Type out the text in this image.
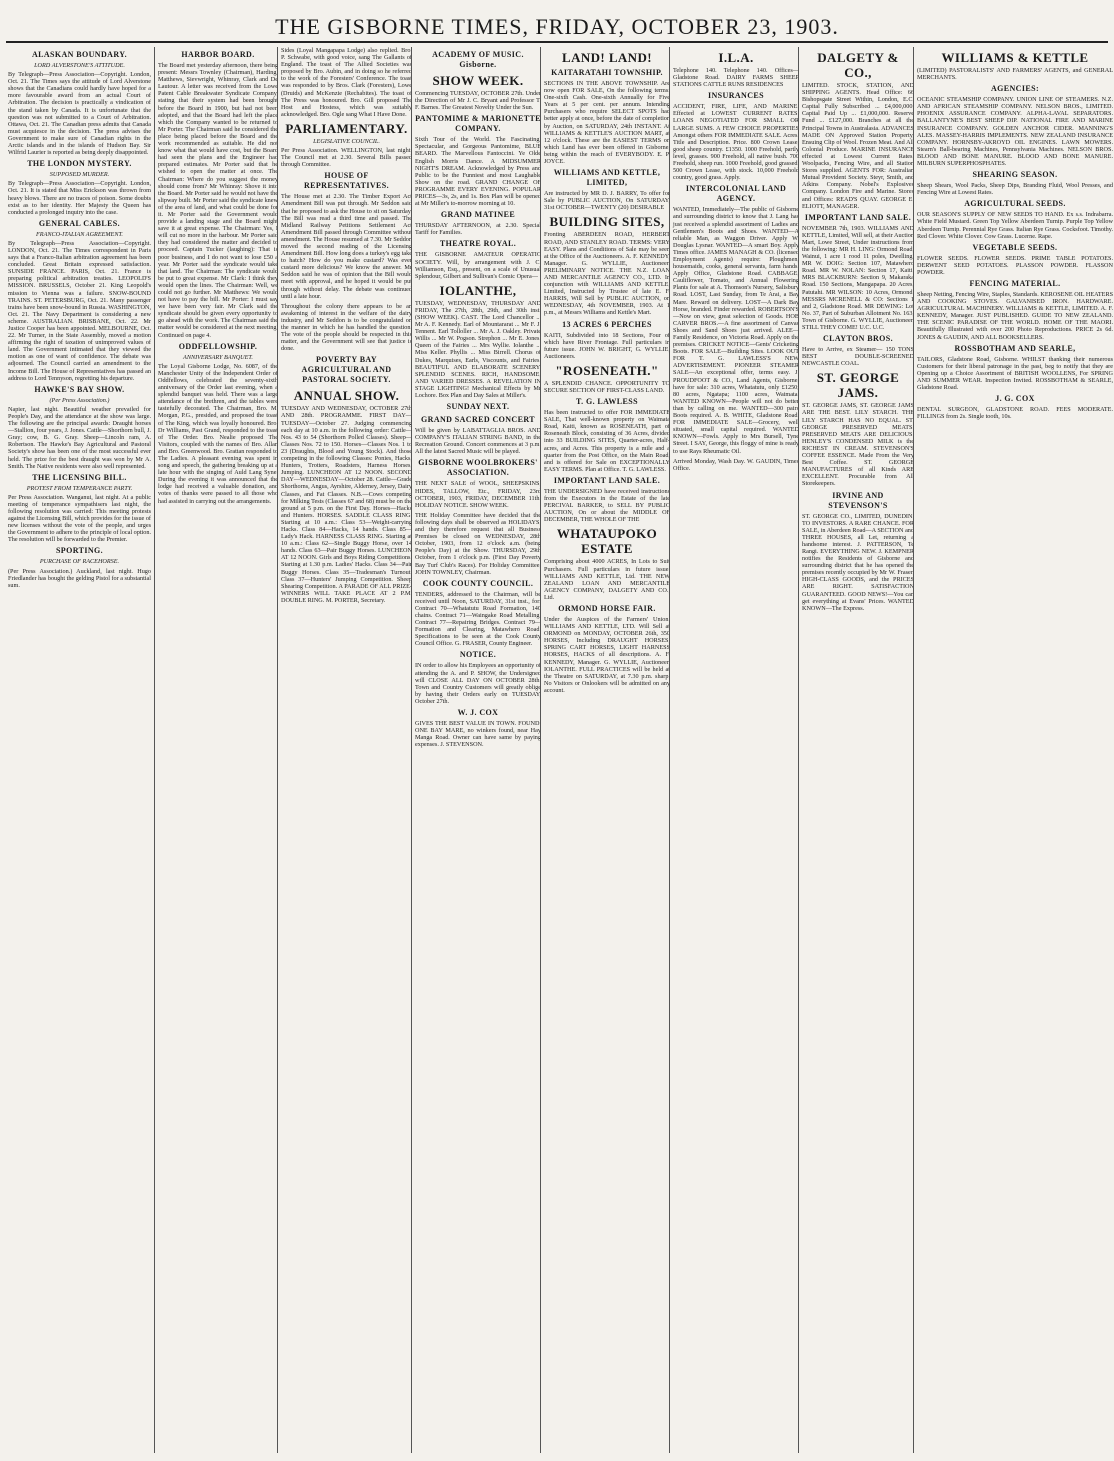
THE GISBORNE TIMES, FRIDAY, OCTOBER 23, 1903.
ALASKAN BOUNDARY.
LORD ALVERSTONE'S ATTITUDE.
By Telegraph—Press Association—Copyright. London, Oct. 21. The Times says the attitude of Lord Alverstone shows that the Canadians could hardly have hoped for a more favourable award from an actual Court of Arbitration. The decision is practically a vindication of the stand taken by Canada. It is unfortunate that the question was not submitted to a Court of Arbitration. Ottawa, Oct. 21. The Canadian press admits that Canada must acquiesce in the decision. The press advises the Government to make sure of Canadian rights in the Arctic islands and in the islands of Hudson Bay. Sir Wilfrid Laurier is reported as being deeply disappointed.
THE LONDON MYSTERY.
SUPPOSED MURDER.
By Telegraph—Press Association—Copyright. London, Oct. 21. It is stated that Miss Erickson was thrown from heavy blows. There are no traces of poison. Some doubts exist as to her identity. Her Majesty the Queen has conducted a prolonged inquiry into the case.
GENERAL CABLES.
FRANCO-ITALIAN AGREEMENT.
By Telegraph—Press Association—Copyright. LONDON, Oct. 21. The Times correspondent in Paris says that a Franco-Italian arbitration agreement has been concluded. Great Britain expressed satisfaction. SUNSIDE FRANCE. PARIS, Oct. 21. France is preparing political arbitration treaties. LEOPOLD'S MISSION. BRUSSELS, October 21. King Leopold's mission to Vienna was a failure. SNOW-BOUND TRAINS. ST. PETERSBURG, Oct. 21. Many passenger trains have been snow-bound in Russia. WASHINGTON, Oct. 21. The Navy Department is considering a new scheme. AUSTRALIAN. BRISBANE, Oct. 22. Mr Justice Cooper has been appointed. MELBOURNE, Oct. 22. Mr Turner, in the State Assembly, moved a motion affirming the right of taxation of unimproved values of land. The Government intimated that they viewed the motion as one of want of confidence. The debate was adjourned. The Council carried an amendment to the Income Bill. The House of Representatives has passed an address to Lord Tennyson, regretting his departure.
HAWKE'S BAY SHOW.
(Per Press Association.)
Napier, last night. Beautiful weather prevailed for People's Day, and the attendance at the show was large. The following are the principal awards: Draught horses—Stallion, four years, J. Jones. Cattle—Shorthorn bull, J. Gray; cow, B. G. Gray. Sheep—Lincoln ram, A. Robertson. The Hawke's Bay Agricultural and Pastoral Society's show has been one of the most successful ever held. The prize for the best draught was won by Mr A. Smith. The Native residents were also well represented.
THE LICENSING BILL.
PROTEST FROM TEMPERANCE PARTY.
Per Press Association. Wanganui, last night. At a public meeting of temperance sympathisers last night, the following resolution was carried: This meeting protests against the Licensing Bill, which provides for the issue of new licenses without the vote of the people, and urges the Government to adhere to the principle of local option. The resolution will be forwarded to the Premier.
SPORTING.
PURCHASE OF RACEHORSE.
(Per Press Association.) Auckland, last night. Hugo Friedlander has bought the gelding Pistol for a substantial sum.
HARBOR BOARD.
The Board met yesterday afternoon, there being present: Messrs Townley (Chairman), Harding, Matthews, Sievwright, Whinray, Clark and De Lautour. A letter was received from the Lowe Patent Cable Breakwater Syndicate Company, stating that their system had been brought before the Board in 1900, but had not been adopted, and that the Board had left the place which the Company wanted to be returned to Mr Porter. The Chairman said he considered the place being placed before the Board and the work recommended as suitable. He did not know what that would have cost, but the Board had seen the plans and the Engineer had prepared estimates. Mr Porter said that he wished to open the matter at once. The Chairman: Where do you suggest the money should come from? Mr Whinray: Shove it into the Board. Mr Porter said he would not have the slipway built. Mr Porter said the syndicate knew of the area of land, and what could be done for it. Mr Porter said the Government would provide a landing stage and the Board might save it at great expense. The Chairman: Yes, I will cut no more in the harbour. Mr Porter said they had considered the matter and decided to proceed. Captain Tucker (laughing): That is poor business, and I do not want to lose £50 a year. Mr Porter said the syndicate would take that land. The Chairman: The syndicate would be put to great expense. Mr Clark: I think they would open the lines. The Chairman: Well, we could not go further. Mr Matthews: We would not have to pay the bill. Mr Porter: I must say we have been very fair. Mr Clark said the syndicate should be given every opportunity to go ahead with the work. The Chairman said the matter would be considered at the next meeting. Continued on page 4.
ODDFELLOWSHIP.
ANNIVERSARY BANQUET.
The Loyal Gisborne Lodge, No. 6087, of the Manchester Unity of the Independent Order of Oddfellows, celebrated the seventy-sixth anniversary of the Order last evening, when a splendid banquet was held. There was a large attendance of the brethren, and the tables were tastefully decorated. The Chairman, Bro. M. Morgan, P.G., presided, and proposed the toast of The King, which was loyally honoured. Bro. Dr Williams, Past Grand, responded to the toast of The Order. Bro. Nealie proposed The Visitors, coupled with the names of Bro. Allan and Bro. Greenwood. Bro. Grattan responded to The Ladies. A pleasant evening was spent in song and speech, the gathering breaking up at a late hour with the singing of Auld Lang Syne. During the evening it was announced that the lodge had received a valuable donation, and votes of thanks were passed to all those who had assisted in carrying out the arrangements.
Sides (Loyal Mangapapa Lodge) also replied. Bro. P. Schwabe, with good voice, sang The Gallants of England. The toast of The Allied Societies was proposed by Bro. Aubin, and in doing so he referred to the work of the Foresters' Conference. The toast was responded to by Bros. Clark (Foresters), Lowe (Druids) and McKenzie (Rechabites). The toast of The Press was honoured. Bro. Gill proposed The Host and Hostess, which was suitably acknowledged. Bro. Ogle sang What I Have Done.
PARLIAMENTARY.
LEGISLATIVE COUNCIL.
Per Press Association. WELLINGTON, last night. The Council met at 2.30. Several Bills passed through Committee.
HOUSE OF REPRESENTATIVES.
The House met at 2.30. The Timber Export Act Amendment Bill was put through. Mr Seddon said that he proposed to ask the House to sit on Saturday. The Bill was read a third time and passed. The Midland Railway Petitions Settlement Act Amendment Bill passed through Committee without amendment. The House resumed at 7.30. Mr Seddon moved the second reading of the Licensing Amendment Bill. How long does a turkey's egg take to hatch? How do you make custard? Was ever custard more delicious? We know the answer. Mr Seddon said he was of opinion that the Bill would meet with approval, and he hoped it would be put through without delay. The debate was continued until a late hour.
Throughout the colony there appears to be an awakening of interest in the welfare of the dairy industry, and Mr Seddon is to be congratulated on the manner in which he has handled the question. The vote of the people should be respected in this matter, and the Government will see that justice is done.
POVERTY BAY AGRICULTURAL AND PASTORAL SOCIETY.
ANNUAL SHOW.
TUESDAY AND WEDNESDAY, OCTOBER 27th AND 28th. PROGRAMME. FIRST DAY—TUESDAY—October 27. Judging commencing each day at 10 a.m. in the following order: Cattle—Nos. 43 to 54 (Shorthorn Polled Classes). Sheep—Classes Nos. 72 to 150. Horses—Classes Nos. 1 to 23 (Draughts, Blood and Young Stock). And those competing in the following Classes: Ponies, Hacks, Hunters, Trotters, Roadsters, Harness Horses, Jumping. LUNCHEON AT 12 NOON. SECOND DAY—WEDNESDAY—October 28. Cattle—Grade Shorthorns, Angus, Ayrshire, Alderney, Jersey, Dairy Classes, and Fat Classes. N.B.—Cows competing for Milking Tests (Classes 67 and 68) must be on the ground at 5 p.m. on the First Day. Horses—Hacks and Hunters. HORSES. SADDLE CLASS RING. Starting at 10 a.m.: Class 53—Weight-carrying Hacks. Class 84—Hacks, 14 hands. Class 85—Lady's Hack. HARNESS CLASS RING. Starting at 10 a.m.: Class 62—Single Buggy Horse, over 14 hands. Class 63—Pair Buggy Horses. LUNCHEON AT 12 NOON. Girls and Boys Riding Competitions. Starting at 1.30 p.m. Ladies' Hacks. Class 34—Pair Buggy Horses. Class 35—Tradesman's Turnout. Class 37—Hunters' Jumping Competition. Sheep Shearing Competition. A PARADE OF ALL PRIZE-WINNERS WILL TAKE PLACE AT 2 P.M. DOUBLE RING. M. PORTER, Secretary.
ACADEMY OF MUSIC. Gisborne.
SHOW WEEK.
Commencing TUESDAY, OCTOBER 27th. Under the Direction of Mr J. C. Bryant and Professor T. F. Barnes. The Greatest Novelty Under the Sun.
PANTOMIME & MARIONETTE COMPANY.
Sixth Tour of the World. The Fascinating, Spectacular, and Gorgeous Pantomime, BLUE BEARD. The Marvellous Fantoccini. Ye Olde English Morris Dance. A MIDSUMMER NIGHT'S DREAM. Acknowledged by Press and Public to be the Funniest and most Laughable Show on the road. GRAND CHANGE OF PROGRAMME EVERY EVENING. POPULAR PRICES—3s, 2s, and 1s. Box Plan will be opened at Mr Miller's to-morrow morning at 10.
GRAND MATINEE
THURSDAY AFTERNOON, at 2.30. Special Tariff for Families.
THEATRE ROYAL.
THE GISBORNE AMATEUR OPERATIC SOCIETY. Will, by arrangement with J. C. Williamson, Esq., present, on a scale of Unusual Splendour, Gilbert and Sullivan's Comic Opera—
IOLANTHE,
TUESDAY, WEDNESDAY, THURSDAY AND FRIDAY, The 27th, 28th, 29th, and 30th inst. (SHOW WEEK). CAST. The Lord Chancellor ... Mr A. F. Kennedy. Earl of Mountararat ... Mr F. J. Tennent. Earl Tolloller ... Mr A. J. Oakley. Private Willis ... Mr W. Pogson. Strephon ... Mr E. Jones. Queen of the Fairies ... Mrs Wyllie. Iolanthe ... Miss Keller. Phyllis ... Miss Birrell. Chorus of Dukes, Marquises, Earls, Viscounts, and Fairies. BEAUTIFUL AND ELABORATE SCENERY. SPLENDID SCENES. RICH, HANDSOME, AND VARIED DRESSES. A REVELATION IN STAGE LIGHTING! Mechanical Effects by Mr Lochore. Box Plan and Day Sales at Miller's.
SUNDAY NEXT.
GRAND SACRED CONCERT
Will be given by LABATTAGLIA BROS. AND COMPANY'S ITALIAN STRING BAND, in the Recreation Ground. Concert commences at 3 p.m. All the latest Sacred Music will be played.
GISBORNE WOOLBROKERS' ASSOCIATION.
THE NEXT SALE of WOOL, SHEEPSKINS, HIDES, TALLOW, Etc., FRIDAY, 23rd OCTOBER, 1903, FRIDAY, DECEMBER 11th. HOLIDAY NOTICE. SHOW WEEK.
THE Holiday Committee have decided that the following days shall be observed as HOLIDAYS, and they therefore request that all Business Premises be closed on WEDNESDAY, 28th October, 1903, from 12 o'clock a.m. (being People's Day) at the Show. THURSDAY, 29th October, from 1 o'clock p.m. (First Day Poverty Bay Turf Club's Races). For Holiday Committee, JOHN TOWNLEY, Chairman.
COOK COUNTY COUNCIL.
TENDERS, addressed to the Chairman, will be received until Noon, SATURDAY, 31st inst., for: Contract 70—Whatatutu Road Formation, 140 chains. Contract 71—Waingake Road Metalling. Contract 77—Repairing Bridges. Contract 79—Formation and Clearing, Matawhero Road. Specifications to be seen at the Cook County Council Office. G. FRASER, County Engineer.
NOTICE.
IN order to allow his Employees an opportunity of attending the A. and P. SHOW, the Undersigned will CLOSE ALL DAY ON OCTOBER 28th. Town and Country Customers will greatly oblige by having their Orders early on TUESDAY, October 27th.
W. J. COX
GIVES THE BEST VALUE IN TOWN. FOUND. ONE BAY MARE, no winkers found, near Hay Manga Road. Owner can have same by paying expenses. J. STEVENSON.
LAND! LAND!
KAITARATAHI TOWNSHIP.
SECTIONS IN THE ABOVE TOWNSHIP. Are now open FOR SALE, On the following terms: One-sixth Cash. One-sixth Annually for Five Years at 5 per cent. per annum. Intending Purchasers who require SELECT SPOTS had better apply at once, before the date of completion by Auction, on SATURDAY, 24th INSTANT. At WILLIAMS & KETTLE'S AUCTION MART, at 12 o'clock. These are the EASIEST TERMS on which Land has ever been offered in Gisborne, being within the reach of EVERYBODY. E. P. JOYCE.
WILLIAMS AND KETTLE, LIMITED,
Are instructed by MR D. J. BARRY, To offer for Sale by PUBLIC AUCTION, On SATURDAY, 31st OCTOBER—TWENTY (20) DESIRABLE
BUILDING SITES,
Fronting ABERDEEN ROAD, HERBERT ROAD, AND STANLEY ROAD. TERMS: VERY EASY. Plans and Conditions of Sale may be seen at the Office of the Auctioneers. A. F. KENNEDY, Manager. G. WYLLIE, Auctioneer. PRELIMINARY NOTICE. THE N.Z. LOAN AND MERCANTILE AGENCY CO., LTD. In conjunction with WILLIAMS AND KETTLE, Limited, Instructed by Trustee of late E. F. HARRIS, Will Sell by PUBLIC AUCTION, on WEDNESDAY, 4th NOVEMBER, 1903. At 1 p.m., at Messrs Williams and Kettle's Mart.
13 ACRES 6 PERCHES
KAITI, Subdivided into 18 Sections, Four of which have River Frontage. Full particulars in future issue. JOHN W. BRIGHT, G. WYLLIE, Auctioneers.
"ROSENEATH."
A SPLENDID CHANCE. OPPORTUNITY TO SECURE SECTION OF FIRST-CLASS LAND.
T. G. LAWLESS
Has been instructed to offer FOR IMMEDIATE SALE, That well-known property on Waimata Road, Kaiti, known as ROSENEATH, part of Roseneath Block, consisting of 36 Acres, divided into 33 BUILDING SITES, Quarter-acres, Half-acres, and Acres. This property is a mile and a quarter from the Post Office, on the Main Road, and is offered for Sale on EXCEPTIONALLY EASY TERMS. Plan at Office. T. G. LAWLESS.
IMPORTANT LAND SALE.
THE UNDERSIGNED have received instructions from the Executors in the Estate of the late PERCIVAL BARKER, to SELL BY PUBLIC AUCTION, On or about the MIDDLE OF DECEMBER, THE WHOLE OF THE
WHATAUPOKO ESTATE
Comprising about 4000 ACRES, In Lots to Suit Purchasers. Full particulars in future issue. WILLIAMS AND KETTLE, Ltd. THE NEW ZEALAND LOAN AND MERCANTILE AGENCY COMPANY, DALGETY AND CO., Ltd.
ORMOND HORSE FAIR.
Under the Auspices of the Farmers' Union. WILLIAMS AND KETTLE, LTD. Will Sell at ORMOND on MONDAY, OCTOBER 26th, 350 HORSES, Including DRAUGHT HORSES, SPRING CART HORSES, LIGHT HARNESS HORSES, HACKS of all descriptions. A. F. KENNEDY, Manager. G. WYLLIE, Auctioneer. IOLANTHE. FULL PRACTICES will be held at the Theatre on SATURDAY, at 7.30 p.m. sharp. No Visitors or Onlookers will be admitted on any account.
I.L.A.
Telephone 140. Telephone 140. Offices—Gladstone Road. DAIRY FARMS SHEEP STATIONS CATTLE RUNS RESIDENCES
INSURANCES
ACCIDENT, FIRE, LIFE, AND MARINE. Effected at LOWEST CURRENT RATES. LOANS NEGOTIATED FOR SMALL OR LARGE SUMS. A FEW CHOICE PROPERTIES Amongst others FOR IMMEDIATE SALE. Acres. Title and Description. Price. 800 Crown Lease, good sheep country. £1350. 1000 Freehold, partly level, grasses. 900 Freehold, all native bush. 700 Freehold, sheep run. 1000 Freehold, good grassed. 500 Crown Lease, with stock. 10,000 Freehold country, good grass. Apply.
INTERCOLONIAL LAND AGENCY.
WANTED, Immediately—The public of Gisborne and surrounding district to know that J. Lang has just received a splendid assortment of Ladies and Gentlemen's Boots and Shoes. WANTED—A reliable Man, as Waggon Driver. Apply W. Douglas Lysnar. WANTED—A smart Boy. Apply Times office. JAMES MANAGH & CO. (licensed Employment Agents) require: Ploughmen, housemaids, cooks, general servants, farm hands. Apply Office, Gladstone Road. CABBAGE, Cauliflower, Tomato, and Annual Flowering Plants for sale at A. Thomson's Nursery, Salisbury Road. LOST, Last Sunday, from Te Arai, a Bay Mare. Reward on delivery. LOST—A Dark Bay Horse, branded. Finder rewarded. ROBERTSON'S—Now on view, great selection of Goods. HOB CARVER BROS.—A fine assortment of Canvas Shoes and Sand Shoes just arrived. ALEE—Family Residence, on Victoria Road. Apply on the premises. CRICKET NOTICE—Gents' Cricketing Boots. FOR SALE—Building Sites. LOOK OUT FOR T. G. LAWLESS'S NEW ADVERTISEMENT. PIONEER STEAMER SALE—An exceptional offer, terms easy. J. PROUDFOOT & CO., Land Agents, Gisborne, have for sale: 310 acres, Whatatutu, only £1250; 80 acres, Ngatapa; 1100 acres, Waimata. WANTED KNOWN—People will not do better than by calling on me. WANTED—300 pairs Boots required. A. B. WHITE, Gladstone Road. FOR IMMEDIATE SALE—Grocery, well situated, small capital required. WANTED KNOWN—Fowls. Apply to Mrs Bursell, Tyne Street. I SAY, George, this floggy of mine is ready to use Rays Rheumatic Oil.
Arrived Monday, Wash Day. W. GAUDIN, Times Office.
DALGETY & CO.,
LIMITED. STOCK, STATION, AND SHIPPING AGENTS. Head Office: 66 Bishopsgate Street Within, London, E.C. Capital Fully Subscribed ... £4,000,000. Capital Paid Up ... £1,000,000. Reserve Fund ... £127,000. Branches at all the Principal Towns in Australasia. ADVANCES MADE ON Approved Station Property, Ensuing Clip of Wool. Frozen Meat. And All Colonial Produce. MARINE INSURANCE effected at Lowest Current Rates. Woolpacks, Fencing Wire, and all Station Stores supplied. AGENTS FOR: Australian Mutual Provident Society. Steyr, Smith, and Atkins Company. Nobel's Explosives Company. London Fire and Marine. Stores and Offices: READ'S QUAY. GEORGE E. ELIOTT, MANAGER.
IMPORTANT LAND SALE.
NOVEMBER 7th, 1903. WILLIAMS AND KETTLE, Limited, Will sell, at their Auction Mart, Lowe Street, Under instructions from the following: MR H. LING: Ormond Road, Wainui, 1 acre 1 rood 11 poles, Dwelling. MR W. DOIG: Section 107, Matawhero Road. MR W. NOLAN: Section 17, Kaiti. MRS BLACKBURN: Section 9, Makaraka Road. 150 Sections, Mangapapa. 20 Acres, Patutahi. MR WILSON: 10 Acres, Ormond. MESSRS MCRENELL & CO: Sections 1 and 2, Gladstone Road. MR DEWING: Lot No. 37, Part of Suburban Allotment No. 163, Town of Gisborne. G. WYLLIE, Auctioneer. STILL THEY COME! U.C. U.C.
CLAYTON BROS.
Have to Arrive, ex Steamer— 150 TONS BEST DOUBLE-SCREENED NEWCASTLE COAL.
ST. GEORGE JAMS.
ST. GEORGE JAMS, ST. GEORGE JAMS ARE THE BEST. LILY STARCH. THE LILY STARCH HAS NO EQUAL. ST. GEORGE PRESERVED MEATS. PRESERVED MEATS ARE DELICIOUS. HENLEY'S CONDENSED MILK is the RICHEST IN CREAM. STEVENSON'S COFFEE ESSENCE. Made From the Very Best Coffee. ST. GEORGE MANUFACTURES of all Kinds ARE EXCELLENT. Procurable from All Storekeepers.
IRVINE AND STEVENSON'S
ST. GEORGE CO., LIMITED, DUNEDIN. TO INVESTORS. A RARE CHANCE. FOR SALE, in Aberdeen Road—A SECTION and THREE HOUSES, all Let, returning a handsome interest. J. PATTERSON, Te Rangi. EVERYTHING NEW. J. KEMPNER notifies the Residents of Gisborne and surrounding district that he has opened the premises recently occupied by Mr W. Fraser. HIGH-CLASS GOODS, and the PRICES ARE RIGHT. SATISFACTION GUARANTEED. GOOD NEWS!—You can get everything at Evans' Prices. WANTED KNOWN—The Express.
WILLIAMS & KETTLE
(LIMITED) PASTORALISTS' AND FARMERS' AGENTS, and GENERAL MERCHANTS.
AGENCIES:
OCEANIC STEAMSHIP COMPANY. UNION LINE OF STEAMERS. N.Z. AND AFRICAN STEAMSHIP COMPANY. NELSON BROS., LIMITED. PHOENIX ASSURANCE COMPANY. ALPHA-LAVAL SEPARATORS. BALLANTYNE'S BEST SHEEP DIP. NATIONAL FIRE AND MARINE INSURANCE COMPANY. GOLDEN ANCHOR CIDER. MANNING'S ALES. MASSEY-HARRIS IMPLEMENTS. NEW ZEALAND INSURANCE COMPANY. HORNSBY-AKROYD OIL ENGINES. LAWN MOWERS. Stearn's Ball-bearing Machines, Pennsylvania Machines. NELSON BROS. BLOOD AND BONE MANURE. BLOOD AND BONE MANURE. MILBURN SUPERPHOSPHATES.
SHEARING SEASON.
Sheep Shears, Wool Packs, Sheep Dips, Branding Fluid, Wool Presses, and Fencing Wire at Lowest Rates.
AGRICULTURAL SEEDS.
OUR SEASON'S SUPPLY OF NEW SEEDS TO HAND. Ex s.s. Indrabarra. White Field Mustard. Green Top Yellow Aberdeen Turnip. Purple Top Yellow Aberdeen Turnip. Perennial Rye Grass. Italian Rye Grass. Cocksfoot. Timothy. Red Clover. White Clover. Cow Grass. Lucerne. Rape.
VEGETABLE SEEDS.
FLOWER SEEDS. FLOWER SEEDS. PRIME TABLE POTATOES. DERWENT SEED POTATOES. PLASSON POWDER. FLASSON POWDER.
FENCING MATERIAL.
Sheep Netting, Fencing Wire, Staples, Standards. KEROSENE OIL HEATERS AND COOKING STOVES. GALVANISED IRON. HARDWARE. AGRICULTURAL MACHINERY. WILLIAMS & KETTLE, LIMITED. A. F. KENNEDY, Manager. JUST PUBLISHED. GUIDE TO NEW ZEALAND. THE SCENIC PARADISE OF THE WORLD. HOME OF THE MAORI. Beautifully Illustrated with over 200 Photo Reproductions. PRICE 2s 6d. JONES & GAUDIN, AND ALL BOOKSELLERS.
ROSSBOTHAM AND SEARLE,
TAILORS, Gladstone Road, Gisborne. WHILST thanking their numerous Customers for their liberal patronage in the past, beg to notify that they are Opening up a Choice Assortment of BRITISH WOOLLENS, For SPRING AND SUMMER WEAR. Inspection Invited. ROSSBOTHAM & SEARLE, Gladstone Road.
J. G. COX
DENTAL SURGEON, GLADSTONE ROAD. FEES MODERATE. FILLINGS from 2s. Single tooth, 10s.
